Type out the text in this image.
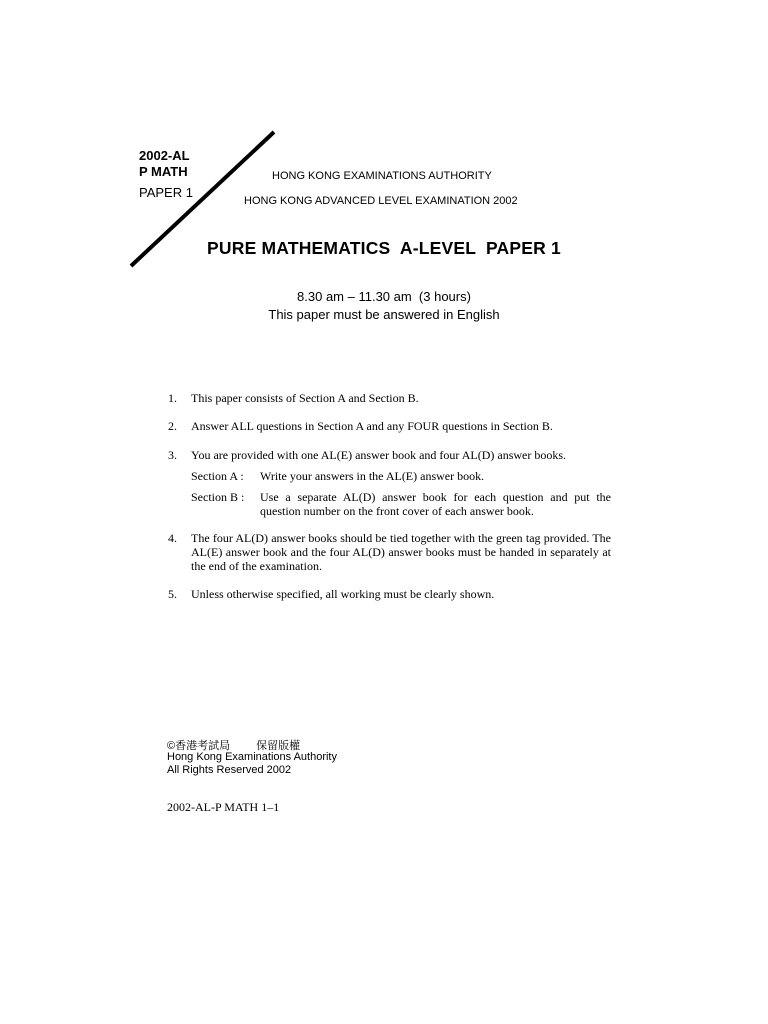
2002-AL
P MATH
PAPER 1
HONG KONG EXAMINATIONS AUTHORITY
HONG KONG ADVANCED LEVEL EXAMINATION 2002
PURE MATHEMATICS  A-LEVEL  PAPER 1
8.30 am – 11.30 am  (3 hours)
This paper must be answered in English
1. This paper consists of Section A and Section B.
2. Answer ALL questions in Section A and any FOUR questions in Section B.
3. You are provided with one AL(E) answer book and four AL(D) answer books.
Section A : Write your answers in the AL(E) answer book.
Section B : Use a separate AL(D) answer book for each question and put the question number on the front cover of each answer book.
4. The four AL(D) answer books should be tied together with the green tag provided. The AL(E) answer book and the four AL(D) answer books must be handed in separately at the end of the examination.
5. Unless otherwise specified, all working must be clearly shown.
©香港考試局 保留版權
Hong Kong Examinations Authority
All Rights Reserved 2002
2002-AL-P MATH 1–1
